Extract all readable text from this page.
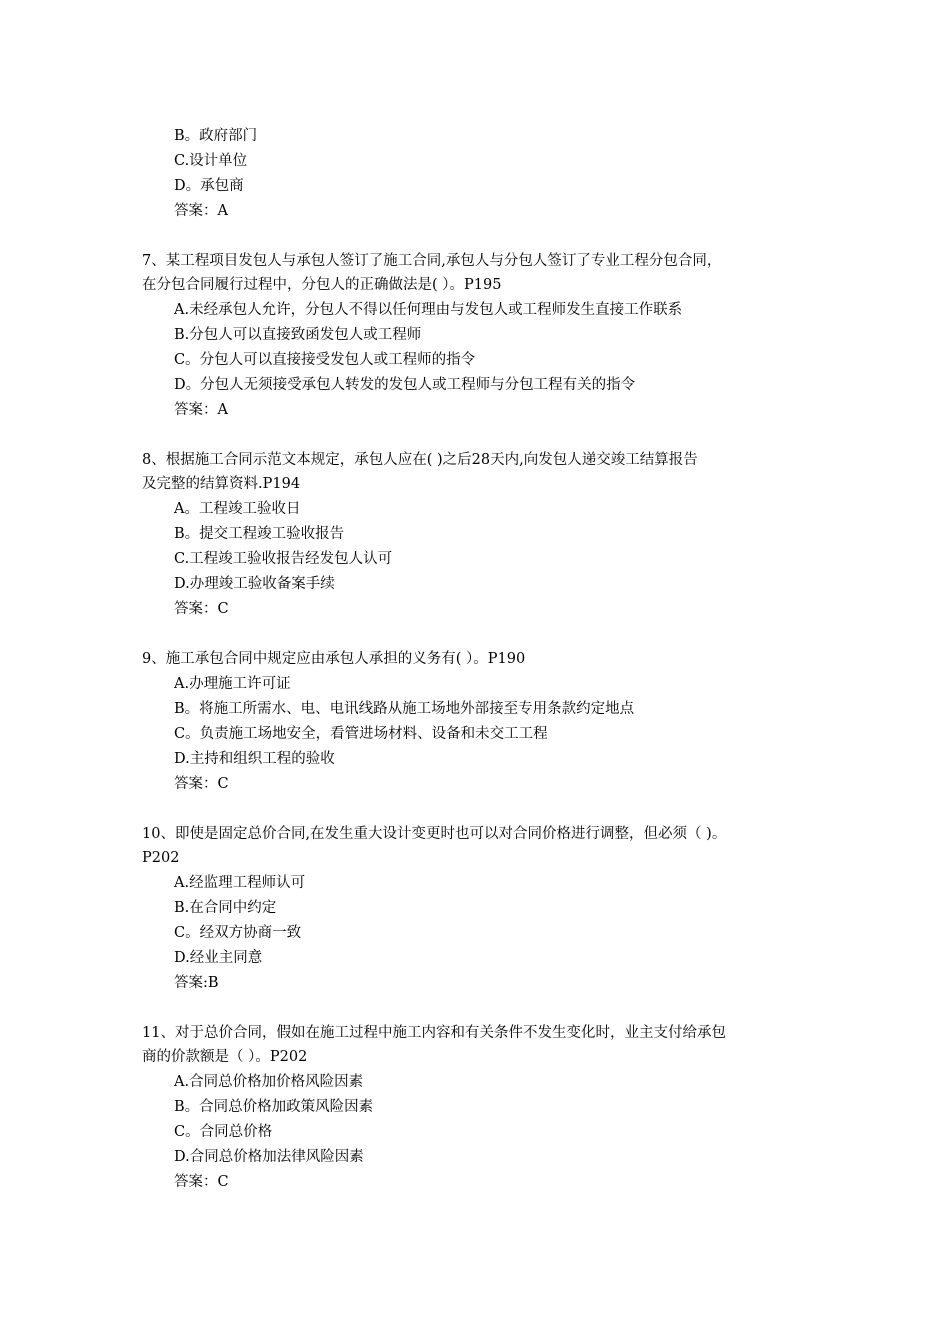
B。政府部门
C.设计单位
D。承包商
答案：A
7、某工程项目发包人与承包人签订了施工合同,承包人与分包人签订了专业工程分包合同，
在分包合同履行过程中，分包人的正确做法是( ）。P195
A.未经承包人允许，分包人不得以任何理由与发包人或工程师发生直接工作联系
B.分包人可以直接致函发包人或工程师
C。分包人可以直接接受发包人或工程师的指令
D。分包人无须接受承包人转发的发包人或工程师与分包工程有关的指令
答案：A
8、根据施工合同示范文本规定，承包人应在( )之后28天内,向发包人递交竣工结算报告
及完整的结算资料.P194
A。工程竣工验收日
B。提交工程竣工验收报告
C.工程竣工验收报告经发包人认可
D.办理竣工验收备案手续
答案：C
9、施工承包合同中规定应由承包人承担的义务有( ）。P190
A.办理施工许可证
B。将施工所需水、电、电讯线路从施工场地外部接至专用条款约定地点
C。负责施工场地安全，看管进场材料、设备和未交工工程
D.主持和组织工程的验收
答案：C
10、即使是固定总价合同,在发生重大设计变更时也可以对合同价格进行调整，但必须（ )。
P202
A.经监理工程师认可
B.在合同中约定
C。经双方协商一致
D.经业主同意
答案:B
11、对于总价合同，假如在施工过程中施工内容和有关条件不发生变化时，业主支付给承包
商的价款额是（ ）。P202
A.合同总价格加价格风险因素
B。合同总价格加政策风险因素
C。合同总价格
D.合同总价格加法律风险因素
答案：C
